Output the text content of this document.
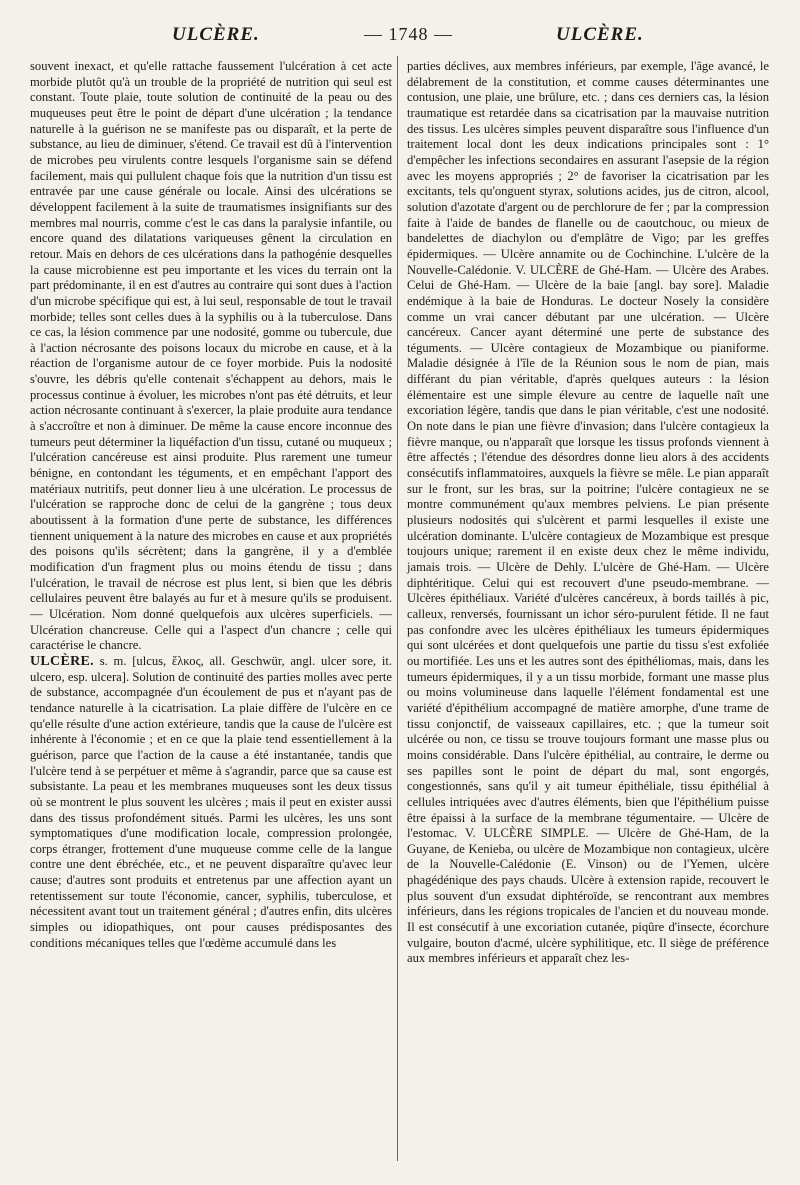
ULCÈRE.	— 1748 —	ULCÈRE.

souvent inexact, et qu'elle rattache faussement l'ulcération à cet acte morbide plutôt qu'à un trouble de la propriété de nutrition qui seul est constant. Toute plaie, toute solution de continuité de la peau ou des muqueuses peut être le point de départ d'une ulcération ; la tendance naturelle à la guérison ne se manifeste pas ou disparaît, et la perte de substance, au lieu de diminuer, s'étend. Ce travail est dû à l'intervention de microbes peu virulents contre lesquels l'organisme sain se défend facilement, mais qui pullulent chaque fois que la nutrition d'un tissu est entravée par une cause générale ou locale. Ainsi des ulcérations se développent facilement à la suite de traumatismes insignifiants sur des membres mal nourris, comme c'est le cas dans la paralysie infantile, ou encore quand des dilatations variqueuses gênent la circulation en retour. Mais en dehors de ces ulcérations dans la pathogénie desquelles la cause microbienne est peu importante et les vices du terrain ont la part prédominante, il en est d'autres au contraire qui sont dues à l'action d'un microbe spécifique qui est, à lui seul, responsable de tout le travail morbide; telles sont celles dues à la syphilis ou à la tuberculose. Dans ce cas, la lésion commence par une nodosité, gomme ou tubercule, due à l'action nécrosante des poisons locaux du microbe en cause, et à la réaction de l'organisme autour de ce foyer morbide. Puis la nodosité s'ouvre, les débris qu'elle contenait s'échappent au dehors, mais le processus continue à évoluer, les microbes n'ont pas été détruits, et leur action nécrosante continuant à s'exercer, la plaie produite aura tendance à s'accroître et non à diminuer. De même la cause encore inconnue des tumeurs peut déterminer la liquéfaction d'un tissu, cutané ou muqueux ; l'ulcération cancéreuse est ainsi produite. Plus rarement une tumeur bénigne, en contondant les téguments, et en empêchant l'apport des matériaux nutritifs, peut donner lieu à une ulcération. Le processus de l'ulcération se rapproche donc de celui de la gangrène ; tous deux aboutissent à la formation d'une perte de substance, les différences tiennent uniquement à la nature des microbes en cause et aux propriétés des poisons qu'ils sécrètent; dans la gangrène, il y a d'emblée modification d'un fragment plus ou moins étendu de tissu ; dans l'ulcération, le travail de nécrose est plus lent, si bien que les débris cellulaires peuvent être balayés au fur et à mesure qu'ils se produisent. — Ulcération. Nom donné quelquefois aux ulcères superficiels. — Ulcération chancreuse. Celle qui a l'aspect d'un chancre ; celle qui caractérise le chancre.

ULCÈRE. s. m. [ulcus, ἕλκος, all. Geschwür, angl. ulcer sore, it. ulcero, esp. ulcera]. Solution de continuité des parties molles avec perte de substance, accompagnée d'un écoulement de pus et n'ayant pas de tendance naturelle à la cicatrisation. La plaie diffère de l'ulcère en ce qu'elle résulte d'une action extérieure, tandis que la cause de l'ulcère est inhérente à l'économie ; et en ce que la plaie tend essentiellement à la guérison, parce que l'action de la cause a été instantanée, tandis que l'ulcère tend à se perpétuer et même à s'agrandir, parce que sa cause est subsistante. La peau et les membranes muqueuses sont les deux tissus où se montrent le plus souvent les ulcères ; mais il peut en exister aussi dans des tissus profondément situés. Parmi les ulcères, les uns sont symptomatiques d'une modification locale, compression prolongée, corps étranger, frottement d'une muqueuse comme celle de la langue contre une dent ébréchée, etc., et ne peuvent disparaître qu'avec leur cause; d'autres sont produits et entretenus par une affection ayant un retentissement sur toute l'économie, cancer, syphilis, tuberculose, et nécessitent avant tout un traitement général ; d'autres enfin, dits ulcères simples ou idiopathiques, ont pour causes prédisposantes des conditions mécaniques telles que l'œdème accumulé dans les

parties déclives, aux membres inférieurs, par exemple, l'âge avancé, le délabrement de la constitution, et comme causes déterminantes une contusion, une plaie, une brûlure, etc. ; dans ces derniers cas, la lésion traumatique est retardée dans sa cicatrisation par la mauvaise nutrition des tissus. Les ulcères simples peuvent disparaître sous l'influence d'un traitement local dont les deux indications principales sont : 1° d'empêcher les infections secondaires en assurant l'asepsie de la région avec les moyens appropriés ; 2° de favoriser la cicatrisation par les excitants, tels qu'onguent styrax, solutions acides, jus de citron, alcool, solution d'azotate d'argent ou de perchlorure de fer ; par la compression faite à l'aide de bandes de flanelle ou de caoutchouc, ou mieux de bandelettes de diachylon ou d'emplâtre de Vigo; par les greffes épidermiques. — Ulcère annamite ou de Cochinchine. L'ulcère de la Nouvelle-Calédonie. V. ULCÈRE de Ghé-Ham. — Ulcère des Arabes. Celui de Ghé-Ham. — Ulcère de la baie [angl. bay sore]. Maladie endémique à la baie de Honduras. Le docteur Nosely la considère comme un vrai cancer débutant par une ulcération. — Ulcère cancéreux. Cancer ayant déterminé une perte de substance des téguments. — Ulcère contagieux de Mozambique ou pianiforme. Maladie désignée à l'île de la Réunion sous le nom de pian, mais différant du pian véritable, d'après quelques auteurs : la lésion élémentaire est une simple élevure au centre de laquelle naît une excoriation légère, tandis que dans le pian véritable, c'est une nodosité. On note dans le pian une fièvre d'invasion; dans l'ulcère contagieux la fièvre manque, ou n'apparaît que lorsque les tissus profonds viennent à être affectés ; l'étendue des désordres donne lieu alors à des accidents consécutifs inflammatoires, auxquels la fièvre se mêle. Le pian apparaît sur le front, sur les bras, sur la poitrine; l'ulcère contagieux ne se montre communément qu'aux membres pelviens. Le pian présente plusieurs nodosités qui s'ulcèrent et parmi lesquelles il existe une ulcération dominante. L'ulcère contagieux de Mozambique est presque toujours unique; rarement il en existe deux chez le même individu, jamais trois. — Ulcère de Dehly. L'ulcère de Ghé-Ham. — Ulcère diphtéritique. Celui qui est recouvert d'une pseudo-membrane. — Ulcères épithéliaux. Variété d'ulcères cancéreux, à bords taillés à pic, calleux, renversés, fournissant un ichor séro-purulent fétide. Il ne faut pas confondre avec les ulcères épithéliaux les tumeurs épidermiques qui sont ulcérées et dont quelquefois une partie du tissu s'est exfoliée ou mortifiée. Les uns et les autres sont des épithéliomas, mais, dans les tumeurs épidermiques, il y a un tissu morbide, formant une masse plus ou moins volumineuse dans laquelle l'élément fondamental est une variété d'épithélium accompagné de matière amorphe, d'une trame de tissu conjonctif, de vaisseaux capillaires, etc. ; que la tumeur soit ulcérée ou non, ce tissu se trouve toujours formant une masse plus ou moins considérable. Dans l'ulcère épithélial, au contraire, le derme ou ses papilles sont le point de départ du mal, sont engorgés, congestionnés, sans qu'il y ait tumeur épithéliale, tissu épithélial à cellules intriquées avec d'autres éléments, bien que l'épithélium puisse être épaissi à la surface de la membrane tégumentaire. — Ulcère de l'estomac. V. ULCÈRE SIMPLE. — Ulcère de Ghé-Ham, de la Guyane, de Kenieba, ou ulcère de Mozambique non contagieux, ulcère de la Nouvelle-Calédonie (E. Vinson) ou de l'Yemen, ulcère phagédénique des pays chauds. Ulcère à extension rapide, recouvert le plus souvent d'un exsudat diphtéroïde, se rencontrant aux membres inférieurs, dans les régions tropicales de l'ancien et du nouveau monde. Il est consécutif à une excoriation cutanée, piqûre d'insecte, écorchure vulgaire, bouton d'acmé, ulcère syphilitique, etc. Il siège de préférence aux membres inférieurs et apparaît chez les-
